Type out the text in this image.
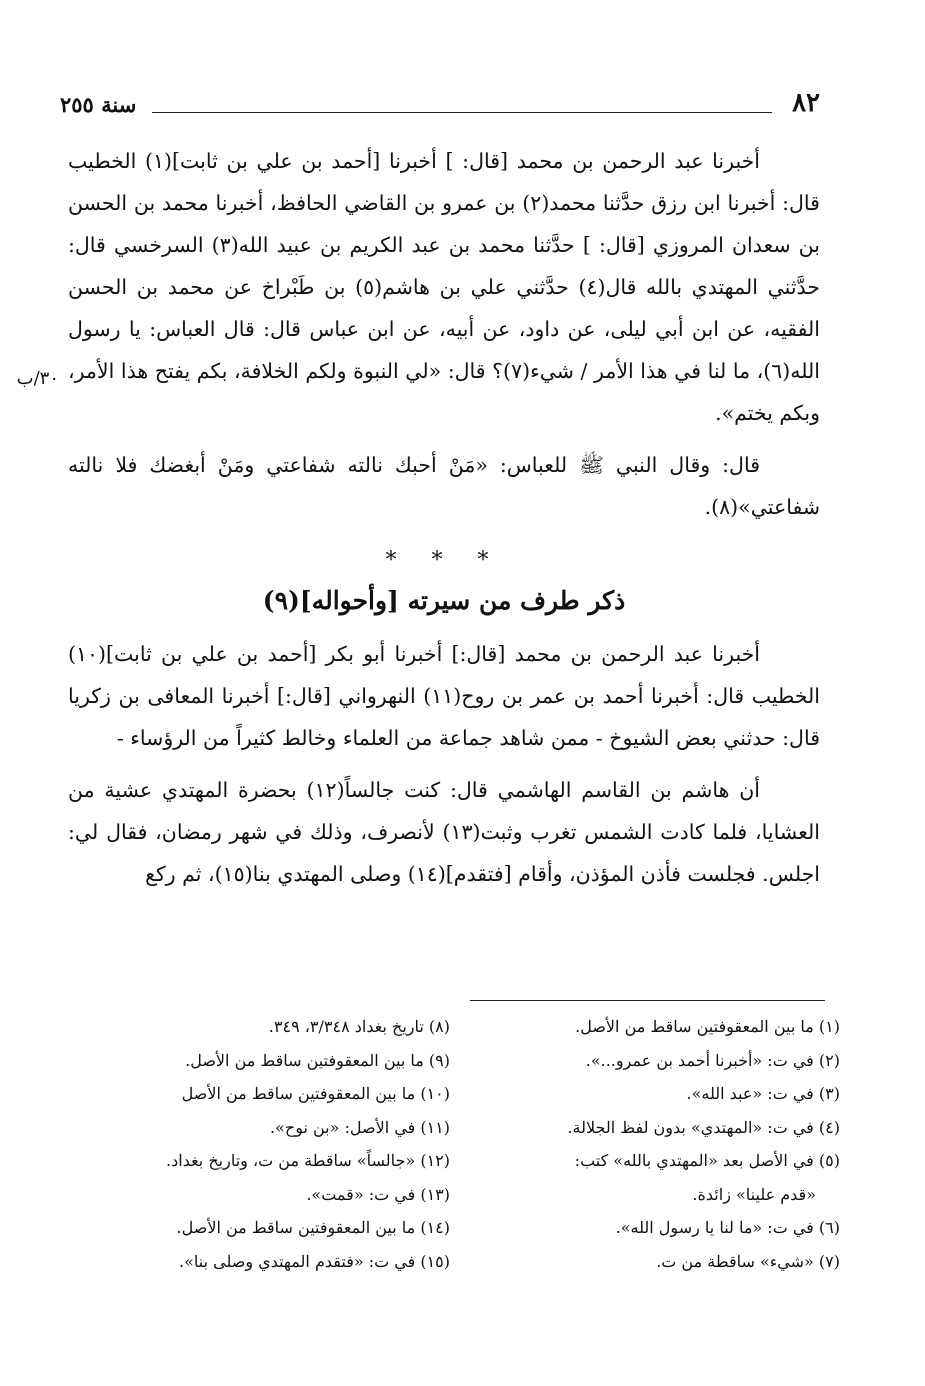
٨٢
سنة ٢٥٥

أخبرنا عبد الرحمن بن محمد [قال: ] أخبرنا [أحمد بن علي بن ثابت](١) الخطيب قال: أخبرنا ابن رزق حدَّثنا محمد(٢) بن عمرو بن القاضي الحافظ، أخبرنا محمد بن الحسن بن سعدان المروزي [قال: ] حدَّثنا محمد بن عبد الكريم بن عبيد الله(٣) السرخسي قال: حدَّثني المهتدي بالله قال(٤) حدَّثني علي بن هاشم(٥) بن طَبْراخ عن محمد بن الحسن الفقيه، عن ابن أبي ليلى، عن داود، عن أبيه، عن ابن عباس قال: قال العباس: يا رسول الله(٦)، ما لنا في هذا الأمر / شيء(٧)؟ قال: «لي النبوة ولكم الخلافة، بكم يفتح هذا الأمر، وبكم يختم».

قال: وقال النبي ﷺ للعباس: «مَنْ أحبك نالته شفاعتي ومَنْ أبغضك فلا نالته شفاعتي»(٨).

* * *
ذكر طرف من سيرته [وأحواله](٩)

أخبرنا عبد الرحمن بن محمد [قال:] أخبرنا أبو بكر [أحمد بن علي بن ثابت](١٠) الخطيب قال: أخبرنا أحمد بن عمر بن روح(١١) النهرواني [قال:] أخبرنا المعافى بن زكريا قال: حدثني بعض الشيوخ - ممن شاهد جماعة من العلماء وخالط كثيراً من الرؤساء -

أن هاشم بن القاسم الهاشمي قال: كنت جالساً(١٢) بحضرة المهتدي عشية من العشايا، فلما كادت الشمس تغرب وثبت(١٣) لأنصرف، وذلك في شهر رمضان، فقال لي: اجلس. فجلست فأذن المؤذن، وأقام [فتقدم](١٤) وصلى المهتدي بنا(١٥)، ثم ركع

٣٠/ب

(١) ما بين المعقوفتين ساقط من الأصل.

(٢) في ت: «أخبرنا أحمد بن عمرو...».

(٣) في ت: «عبد الله».

(٤) في ت: «المهتدي» بدون لفظ الجلالة.

(٥) في الأصل بعد «المهتدي بالله» كتب:

«قدم علينا» زائدة.

(٦) في ت: «ما لنا يا رسول الله».

(٧) «شيء» ساقطة من ت.

(٨) تاريخ بغداد ٣/٣٤٨، ٣٤٩.

(٩) ما بين المعقوفتين ساقط من الأصل.

(١٠) ما بين المعقوفتين ساقط من الأصل

(١١) في الأصل: «بن نوح».

(١٢) «جالساً» ساقطة من ت، وتاريخ بغداد.

(١٣) في ت: «قمت».

(١٤) ما بين المعقوفتين ساقط من الأصل.

(١٥) في ت: «فتقدم المهتدي وصلى بنا».
